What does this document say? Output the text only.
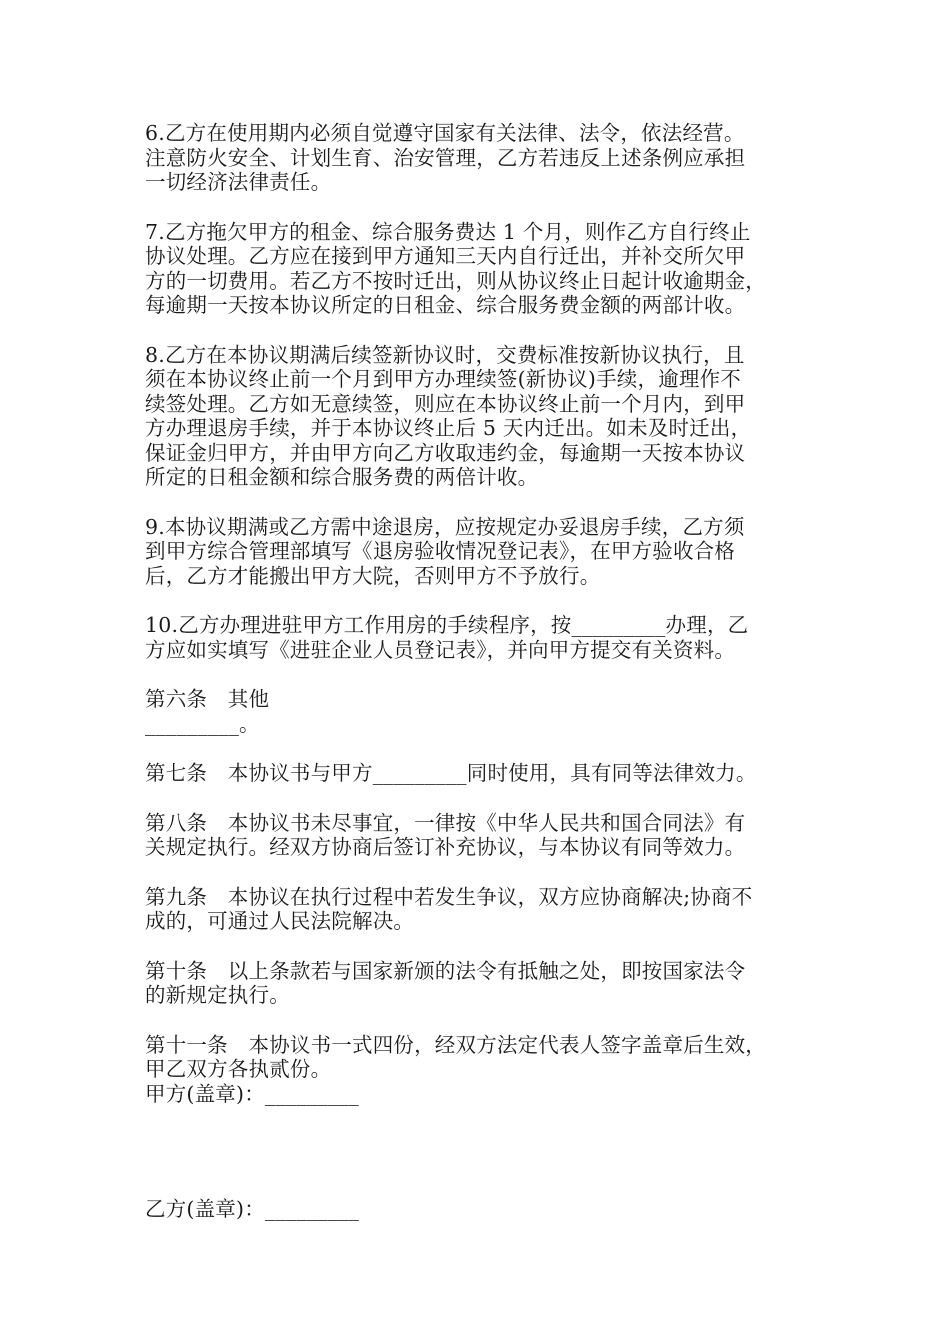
6.乙方在使用期内必须自觉遵守国家有关法律、法令，依法经营。
注意防火安全、计划生育、治安管理，乙方若违反上述条例应承担
一切经济法律责任。

7.乙方拖欠甲方的租金、综合服务费达 1 个月，则作乙方自行终止
协议处理。乙方应在接到甲方通知三天内自行迁出，并补交所欠甲
方的一切费用。若乙方不按时迁出，则从协议终止日起计收逾期金，
每逾期一天按本协议所定的日租金、综合服务费金额的两部计收。

8.乙方在本协议期满后续签新协议时，交费标准按新协议执行，且
须在本协议终止前一个月到甲方办理续签(新协议)手续，逾理作不
续签处理。乙方如无意续签，则应在本协议终止前一个月内，到甲
方办理退房手续，并于本协议终止后 5 天内迁出。如未及时迁出，
保证金归甲方，并由甲方向乙方收取违约金，每逾期一天按本协议
所定的日租金额和综合服务费的两倍计收。

9.本协议期满或乙方需中途退房，应按规定办妥退房手续，乙方须
到甲方综合管理部填写《退房验收情况登记表》，在甲方验收合格
后，乙方才能搬出甲方大院，否则甲方不予放行。

10.乙方办理进驻甲方工作用房的手续程序，按_________办理，乙
方应如实填写《进驻企业人员登记表》，并向甲方提交有关资料。

第六条　其他
_________。

第七条　本协议书与甲方_________同时使用，具有同等法律效力。

第八条　本协议书未尽事宜，一律按《中华人民共和国合同法》有
关规定执行。经双方协商后签订补充协议，与本协议有同等效力。

第九条　本协议在执行过程中若发生争议，双方应协商解决;协商不
成的，可通过人民法院解决。

第十条　以上条款若与国家新颁的法令有抵触之处，即按国家法令
的新规定执行。

第十一条　本协议书一式四份，经双方法定代表人签字盖章后生效，
甲乙双方各执贰份。

甲方(盖章)：_________

乙方(盖章)：_________
